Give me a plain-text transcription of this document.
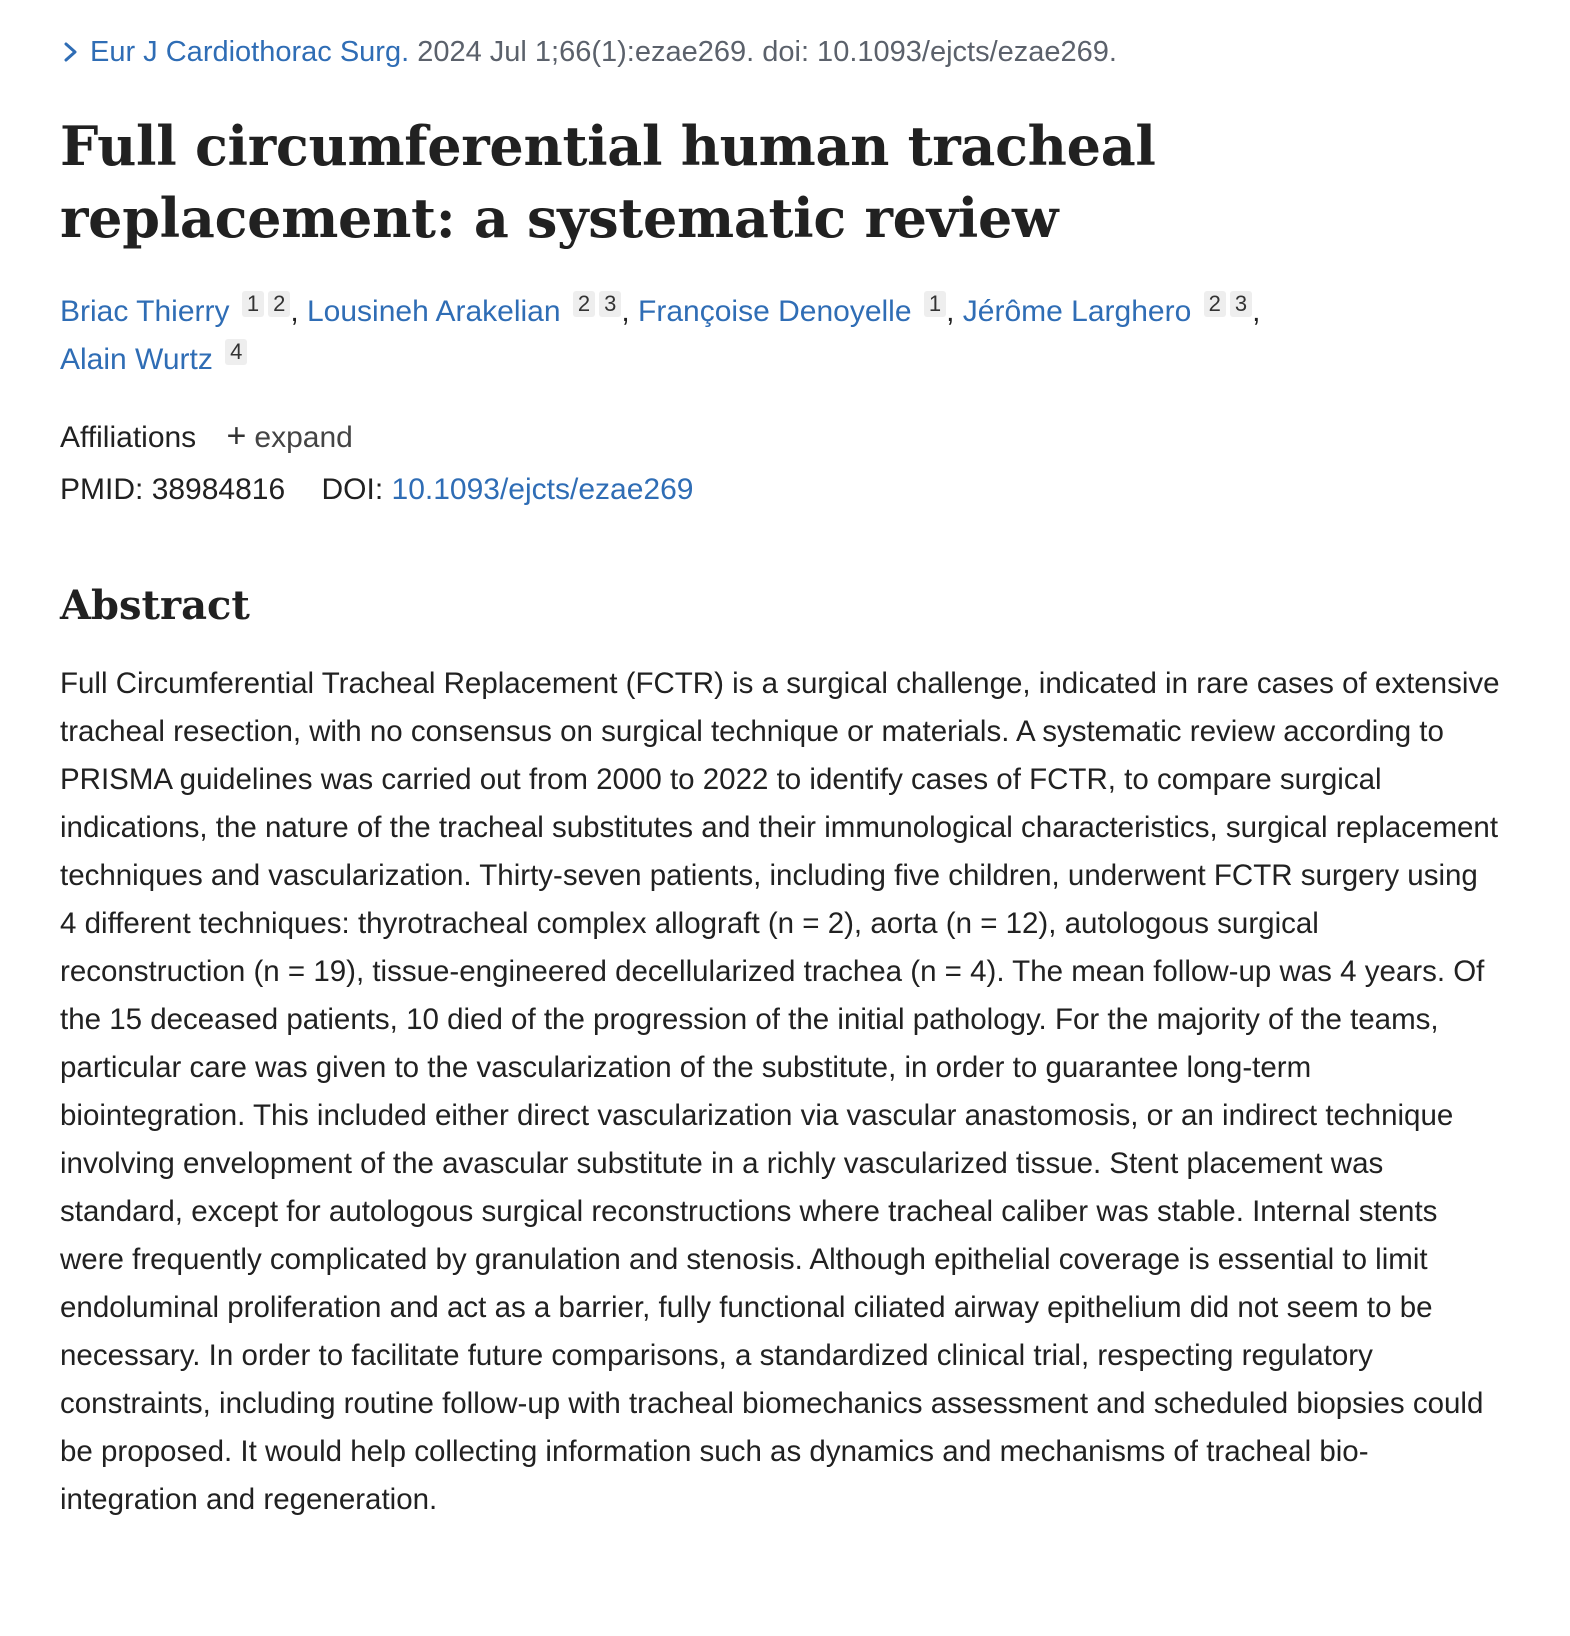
Eur J Cardiothorac Surg. 2024 Jul 1;66(1):ezae269. doi: 10.1093/ejcts/ezae269.
Full circumferential human tracheal replacement: a systematic review
Briac Thierry 1 2 , Lousineh Arakelian 2 3 , Françoise Denoyelle 1 , Jérôme Larghero 2 3 ,
Alain Wurtz 4
Affiliations + expand
PMID: 38984816 DOI: 10.1093/ejcts/ezae269
Abstract

Full Circumferential Tracheal Replacement (FCTR) is a surgical challenge, indicated in rare cases of extensive tracheal resection, with no consensus on surgical technique or materials. A systematic review according to PRISMA guidelines was carried out from 2000 to 2022 to identify cases of FCTR, to compare surgical indications, the nature of the tracheal substitutes and their immunological characteristics, surgical replacement techniques and vascularization. Thirty-seven patients, including five children, underwent FCTR surgery using 4 different techniques: thyrotracheal complex allograft (n = 2), aorta (n = 12), autologous surgical reconstruction (n = 19), tissue-engineered decellularized trachea (n = 4). The mean follow-up was 4 years. Of the 15 deceased patients, 10 died of the progression of the initial pathology. For the majority of the teams, particular care was given to the vascularization of the substitute, in order to guarantee long-term biointegration. This included either direct vascularization via vascular anastomosis, or an indirect technique involving envelopment of the avascular substitute in a richly vascularized tissue. Stent placement was standard, except for autologous surgical reconstructions where tracheal caliber was stable. Internal stents were frequently complicated by granulation and stenosis. Although epithelial coverage is essential to limit endoluminal proliferation and act as a barrier, fully functional ciliated airway epithelium did not seem to be necessary. In order to facilitate future comparisons, a standardized clinical trial, respecting regulatory constraints, including routine follow-up with tracheal biomechanics assessment and scheduled biopsies could be proposed. It would help collecting information such as dynamics and mechanisms of tracheal bio-integration and regeneration.
